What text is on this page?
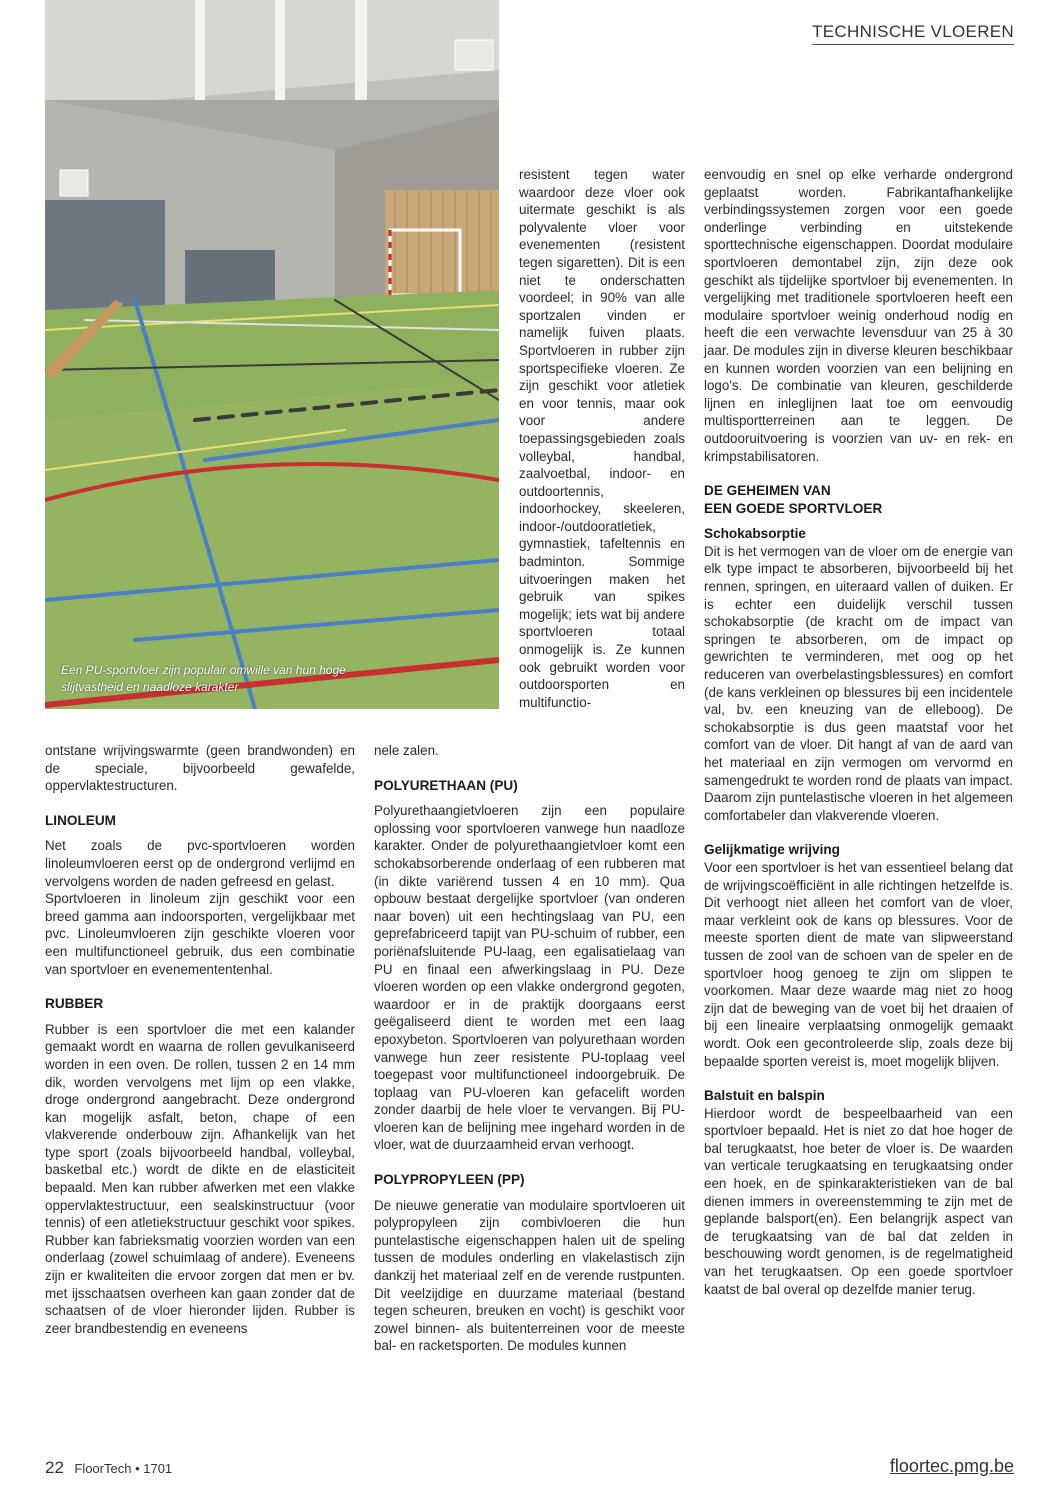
TECHNISCHE VLOEREN
Een PU-sportvloer zijn populair omwille van hun hoge slijtvastheid en naadloze karakter

resistent tegen water waardoor deze vloer ook uitermate geschikt is als polyvalente vloer voor evenementen (resistent tegen sigaretten). Dit is een niet te onderschatten voordeel; in 90% van alle sportzalen vinden er namelijk fuiven plaats. Sportvloeren in rubber zijn sportspecifieke vloeren. Ze zijn geschikt voor atletiek en voor tennis, maar ook voor andere toepassingsgebieden zoals volleybal, handbal, zaalvoetbal, indoor- en outdoortennis, indoorhockey, skeeleren, indoor-/outdooratletiek, gymnastiek, tafeltennis en badminton. Sommige uitvoeringen maken het gebruik van spikes mogelijk; iets wat bij andere sportvloeren totaal onmogelijk is. Ze kunnen ook gebruikt worden voor outdoorsporten en multifunctio-

ontstane wrijvingswarmte (geen brandwonden) en de speciale, bijvoorbeeld gewafelde, oppervlaktestructuren.

LINOLEUM

Net zoals de pvc-sportvloeren worden linoleumvloeren eerst op de ondergrond verlijmd en vervolgens worden de naden gefreesd en gelast.

Sportvloeren in linoleum zijn geschikt voor een breed gamma aan indoorsporten, vergelijkbaar met pvc. Linoleumvloeren zijn geschikte vloeren voor een multifunctioneel gebruik, dus een combinatie van sportvloer en evenemententenhal.

RUBBER

Rubber is een sportvloer die met een kalander gemaakt wordt en waarna de rollen gevulkaniseerd worden in een oven. De rollen, tussen 2 en 14 mm dik, worden vervolgens met lijm op een vlakke, droge ondergrond aangebracht. Deze ondergrond kan mogelijk asfalt, beton, chape of een vlakverende onderbouw zijn. Afhankelijk van het type sport (zoals bijvoorbeeld handbal, volleybal, basketbal etc.) wordt de dikte en de elasticiteit bepaald. Men kan rubber afwerken met een vlakke oppervlaktestructuur, een sealskinstructuur (voor tennis) of een atletiekstructuur geschikt voor spikes. Rubber kan fabrieksmatig voorzien worden van een onderlaag (zowel schuimlaag of andere). Eveneens zijn er kwaliteiten die ervoor zorgen dat men er bv. met ijsschaatsen overheen kan gaan zonder dat de schaatsen of de vloer hieronder lijden. Rubber is zeer brandbestendig en eveneens

nele zalen.

POLYURETHAAN (PU)

Polyurethaangietvloeren zijn een populaire oplossing voor sportvloeren vanwege hun naadloze karakter. Onder de polyurethaangietvloer komt een schokabsorberende onderlaag of een rubberen mat (in dikte variërend tussen 4 en 10 mm). Qua opbouw bestaat dergelijke sportvloer (van onderen naar boven) uit een hechtingslaag van PU, een geprefabriceerd tapijt van PU-schuim of rubber, een poriënafsluitende PU-laag, een egalisatielaag van PU en finaal een afwerkingslaag in PU. Deze vloeren worden op een vlakke ondergrond gegoten, waardoor er in de praktijk doorgaans eerst geëgaliseerd dient te worden met een laag epoxybeton. Sportvloeren van polyurethaan worden vanwege hun zeer resistente PU-toplaag veel toegepast voor multifunctioneel indoorgebruik. De toplaag van PU-vloeren kan gefacelift worden zonder daarbij de hele vloer te vervangen. Bij PU-vloeren kan de belijning mee ingehard worden in de vloer, wat de duurzaamheid ervan verhoogt.

POLYPROPYLEEN (PP)

De nieuwe generatie van modulaire sportvloeren uit polypropyleen zijn combivloeren die hun puntelastische eigenschappen halen uit de speling tussen de modules onderling en vlakelastisch zijn dankzij het materiaal zelf en de verende rustpunten. Dit veelzijdige en duurzame materiaal (bestand tegen scheuren, breuken en vocht) is geschikt voor zowel binnen- als buitenterreinen voor de meeste bal- en racketsporten. De modules kunnen

eenvoudig en snel op elke verharde ondergrond geplaatst worden. Fabrikantafhankelijke verbindingssystemen zorgen voor een goede onderlinge verbinding en uitstekende sporttechnische eigenschappen. Doordat modulaire sportvloeren demontabel zijn, zijn deze ook geschikt als tijdelijke sportvloer bij evenementen. In vergelijking met traditionele sportvloeren heeft een modulaire sportvloer weinig onderhoud nodig en heeft die een verwachte levensduur van 25 à 30 jaar. De modules zijn in diverse kleuren beschikbaar en kunnen worden voorzien van een belijning en logo's. De combinatie van kleuren, geschilderde lijnen en inleglijnen laat toe om eenvoudig multisportterreinen aan te leggen. De outdooruitvoering is voorzien van uv- en rek- en krimpstabilisatoren.

DE GEHEIMEN VAN
EEN GOEDE SPORTVLOER
Schokabsorptie

Dit is het vermogen van de vloer om de energie van elk type impact te absorberen, bijvoorbeeld bij het rennen, springen, en uiteraard vallen of duiken. Er is echter een duidelijk verschil tussen schokabsorptie (de kracht om de impact van springen te absorberen, om de impact op gewrichten te verminderen, met oog op het reduceren van overbelastingsblessures) en comfort (de kans verkleinen op blessures bij een incidentele val, bv. een kneuzing van de elleboog). De schokabsorptie is dus geen maatstaf voor het comfort van de vloer. Dit hangt af van de aard van het materiaal en zijn vermogen om vervormd en samengedrukt te worden rond de plaats van impact. Daarom zijn puntelastische vloeren in het algemeen comfortabeler dan vlakverende vloeren.

Gelijkmatige wrijving

Voor een sportvloer is het van essentieel belang dat de wrijvingscoëfficiënt in alle richtingen hetzelfde is. Dit verhoogt niet alleen het comfort van de vloer, maar verkleint ook de kans op blessures. Voor de meeste sporten dient de mate van slipweerstand tussen de zool van de schoen van de speler en de sportvloer hoog genoeg te zijn om slippen te voorkomen. Maar deze waarde mag niet zo hoog zijn dat de beweging van de voet bij het draaien of bij een lineaire verplaatsing onmogelijk gemaakt wordt. Ook een gecontroleerde slip, zoals deze bij bepaalde sporten vereist is, moet mogelijk blijven.

Balstuit en balspin

Hierdoor wordt de bespeelbaarheid van een sportvloer bepaald. Het is niet zo dat hoe hoger de bal terugkaatst, hoe beter de vloer is. De waarden van verticale terugkaatsing en terugkaatsing onder een hoek, en de spinkarakteristieken van de bal dienen immers in overeenstemming te zijn met de geplande balsport(en). Een belangrijk aspect van de terugkaatsing van de bal dat zelden in beschouwing wordt genomen, is de regelmatigheid van het terugkaatsen. Op een goede sportvloer kaatst de bal overal op dezelfde manier terug.

22 FloorTech • 1701	floortec.pmg.be
